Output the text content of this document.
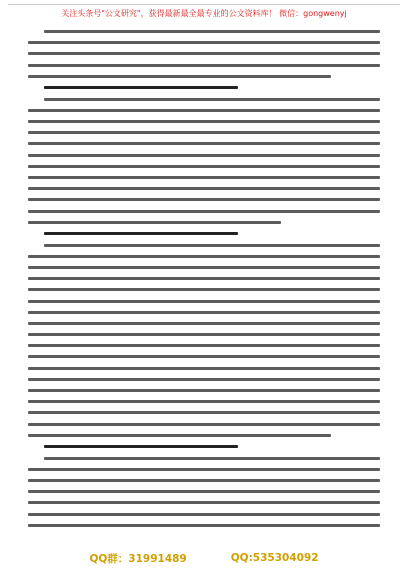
关注头条号"公文研究"，获得最新最全最专业的公文资料库！ 微信：gongwenyj
QQ群：31991489	QQ:535304092
